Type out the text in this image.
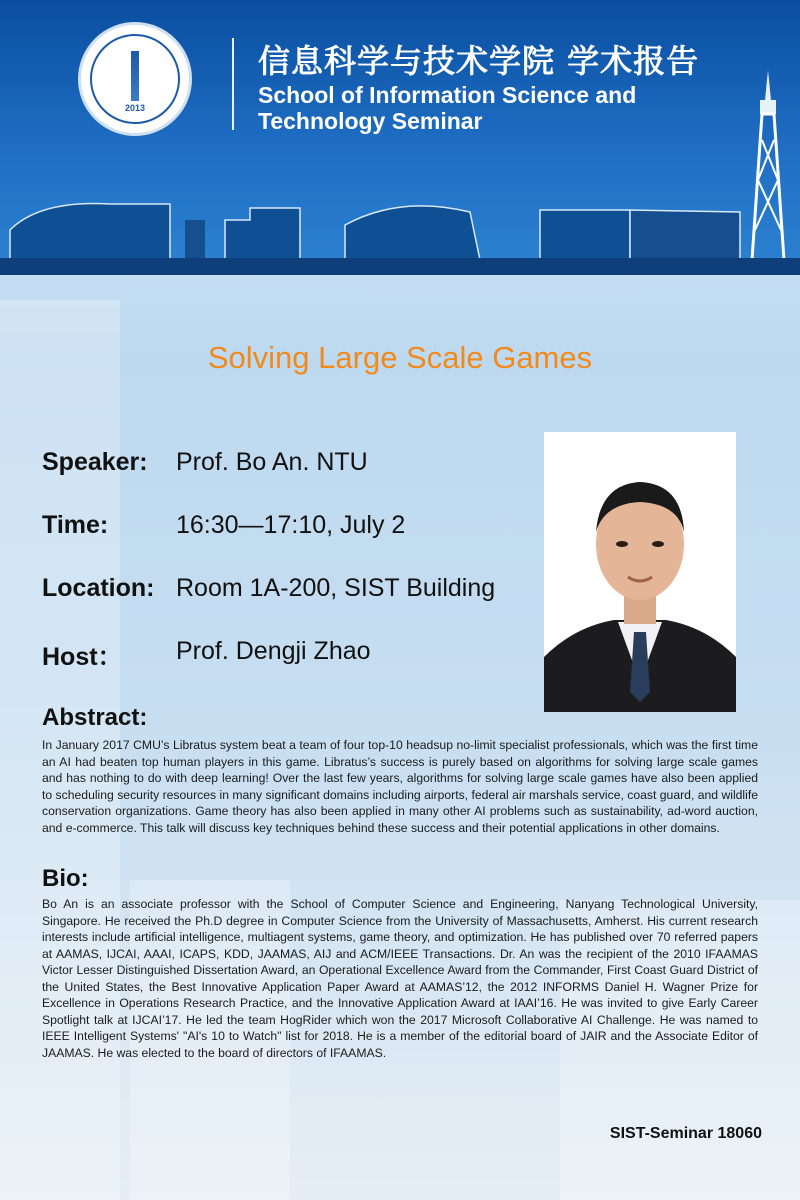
2013
信息科学与技术学院 学术报告
School of Information Science and
Technology Seminar
Solving Large Scale Games
Speaker: Prof. Bo An. NTU
Time:	16:30—17:10, July 2
Location: Room 1A-200, SIST Building
Host： Prof. Dengji Zhao
Abstract:
In January 2017 CMU’s Libratus system beat a team of four top-10 headsup no-limit specialist professionals, which was the first time an AI had beaten top human players in this game. Libratus’s success is purely based on algorithms for solving large scale games and has nothing to do with deep learning! Over the last few years, algorithms for solving large scale games have also been applied to scheduling security resources in many significant domains including airports, federal air marshals service, coast guard, and wildlife conservation organizations. Game theory has also been applied in many other AI problems such as sustainability, ad-word auction, and e-commerce. This talk will discuss key techniques behind these success and their potential applications in other domains.
Bio:
Bo An is an associate professor with the School of Computer Science and Engineering, Nanyang Technological University, Singapore. He received the Ph.D degree in Computer Science from the University of Massachusetts, Amherst. His current research interests include artificial intelligence, multiagent systems, game theory, and optimization. He has published over 70 referred papers at AAMAS, IJCAI, AAAI, ICAPS, KDD, JAAMAS, AIJ and ACM/IEEE Transactions. Dr. An was the recipient of the 2010 IFAAMAS Victor Lesser Distinguished Dissertation Award, an Operational Excellence Award from the Commander, First Coast Guard District of the United States, the Best Innovative Application Paper Award at AAMAS’12, the 2012 INFORMS Daniel H. Wagner Prize for Excellence in Operations Research Practice, and the Innovative Application Award at IAAI’16. He was invited to give Early Career Spotlight talk at IJCAI’17. He led the team HogRider which won the 2017 Microsoft Collaborative AI Challenge. He was named to IEEE Intelligent Systems' "AI's 10 to Watch" list for 2018. He is a member of the editorial board of JAIR and the Associate Editor of JAAMAS. He was elected to the board of directors of IFAAMAS.
SIST-Seminar 18060
